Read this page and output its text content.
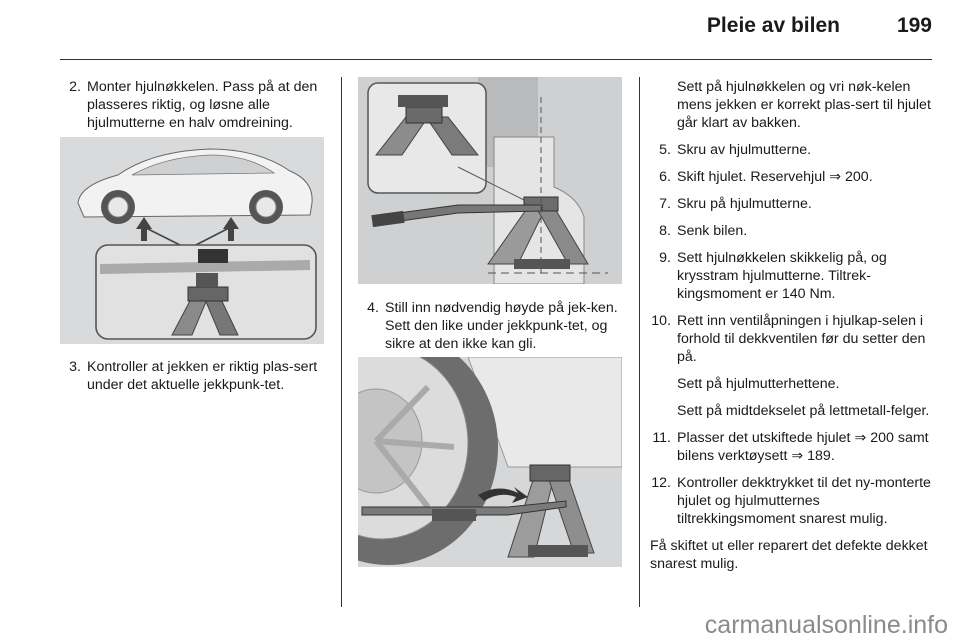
Pleie av bilen	199
2. Monter hjulnøkkelen. Pass på at den plasseres riktig, og løsne alle hjulmutterne en halv omdreining.
3. Kontroller at jekken er riktig plas-sert under det aktuelle jekkpunk-tet.
4. Still inn nødvendig høyde på jek-ken. Sett den like under jekkpunk-tet, og sikre at den ikke kan gli.
Sett på hjulnøkkelen og vri nøk-kelen mens jekken er korrekt plas-sert til hjulet går klart av bakken.
5. Skru av hjulmutterne.
6. Skift hjulet. Reservehjul ⇒ 200.
7. Skru på hjulmutterne.
8. Senk bilen.
9. Sett hjulnøkkelen skikkelig på, og krysstram hjulmutterne. Tiltrek-kingsmoment er 140 Nm.
10. Rett inn ventilåpningen i hjulkap-selen i forhold til dekkventilen før du setter den på.
Sett på hjulmutterhettene.
Sett på midtdekselet på lettmetall-felger.
11. Plasser det utskiftede hjulet ⇒ 200 samt bilens verktøysett ⇒ 189.
12. Kontroller dekktrykket til det ny-monterte hjulet og hjulmutternes tiltrekkingsmoment snarest mulig.
Få skiftet ut eller reparert det defekte dekket snarest mulig.
carmanualsonline.info
